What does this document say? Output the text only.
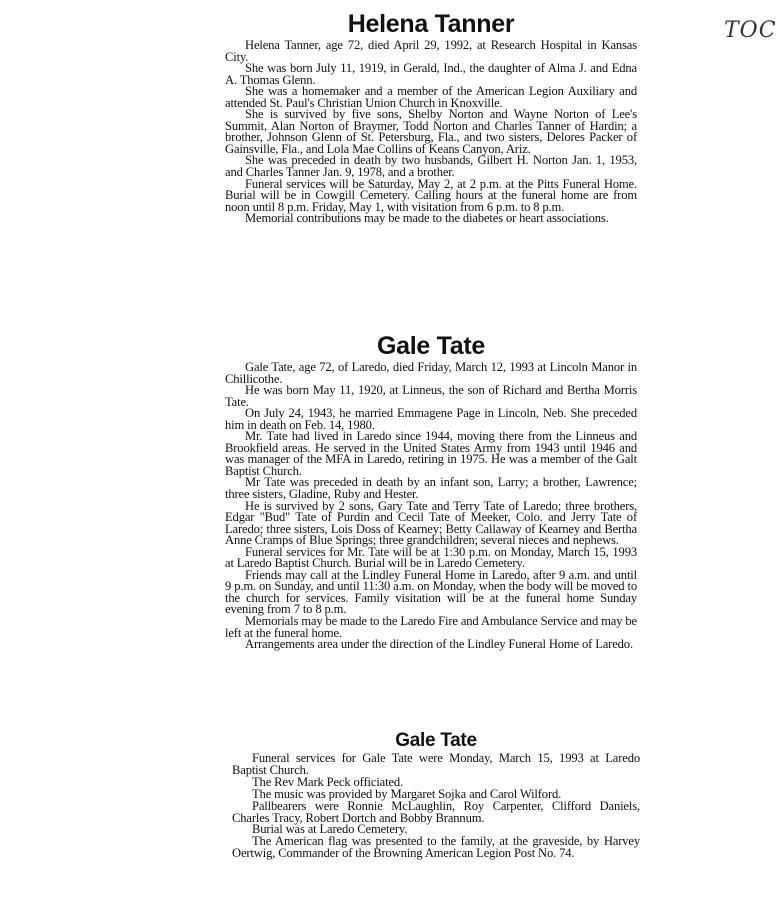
TOC
Helena Tanner

Helena Tanner, age 72, died April 29, 1992, at Research Hospital in Kansas City.

She was born July 11, 1919, in Gerald, Ind., the daughter of Alma J. and Edna A. Thomas Glenn.

She was a homemaker and a member of the American Legion Auxiliary and attended St. Paul's Christian Union Church in Knoxville.

She is survived by five sons, Shelby Norton and Wayne Norton of Lee's Summit, Alan Norton of Braymer, Todd Norton and Charles Tanner of Hardin; a brother, Johnson Glenn of St. Petersburg, Fla., and two sisters, Delores Packer of Gainsville, Fla., and Lola Mae Collins of Keans Canyon, Ariz.

She was preceded in death by two husbands, Gilbert H. Norton Jan. 1, 1953, and Charles Tanner Jan. 9, 1978, and a brother.

Funeral services will be Saturday, May 2, at 2 p.m. at the Pitts Funeral Home. Burial will be in Cowgill Cemetery. Calling hours at the funeral home are from noon until 8 p.m. Friday, May 1, with visitation from 6 p.m. to 8 p.m.

Memorial contributions may be made to the diabetes or heart associations.

Gale Tate

Gale Tate, age 72, of Laredo, died Friday, March 12, 1993 at Lincoln Manor in Chillicothe.

He was born May 11, 1920, at Linneus, the son of Richard and Bertha Morris Tate.

On July 24, 1943, he married Emmagene Page in Lincoln, Neb. She preceded him in death on Feb. 14, 1980.

Mr. Tate had lived in Laredo since 1944, moving there from the Linneus and Brookfield areas. He served in the United States Army from 1943 until 1946 and was manager of the MFA in Laredo, retiring in 1975. He was a member of the Galt Baptist Church.

Mr Tate was preceded in death by an infant son, Larry; a brother, Lawrence; three sisters, Gladine, Ruby and Hester.

He is survived by 2 sons, Gary Tate and Terry Tate of Laredo; three brothers, Edgar "Bud" Tate of Purdin and Cecil Tate of Meeker, Colo. and Jerry Tate of Laredo; three sisters, Lois Doss of Kearney; Betty Callaway of Kearney and Bertha Anne Cramps of Blue Springs; three grandchildren; several nieces and nephews.

Funeral services for Mr. Tate will be at 1:30 p.m. on Monday, March 15, 1993 at Laredo Baptist Church. Burial will be in Laredo Cemetery.

Friends may call at the Lindley Funeral Home in Laredo, after 9 a.m. and until 9 p.m. on Sunday, and until 11:30 a.m. on Monday, when the body will be moved to the church for services. Family visitation will be at the funeral home Sunday evening from 7 to 8 p.m.

Memorials may be made to the Laredo Fire and Ambulance Service and may be left at the funeral home.

Arrangements area under the direction of the Lindley Funeral Home of Laredo.

Gale Tate

Funeral services for Gale Tate were Monday, March 15, 1993 at Laredo Baptist Church.

The Rev Mark Peck officiated.

The music was provided by Margaret Sojka and Carol Wilford.

Pallbearers were Ronnie McLaughlin, Roy Carpenter, Clifford Daniels, Charles Tracy, Robert Dortch and Bobby Brannum.

Burial was at Laredo Cemetery.

The American flag was presented to the family, at the graveside, by Harvey Oertwig, Commander of the Browning American Legion Post No. 74.
